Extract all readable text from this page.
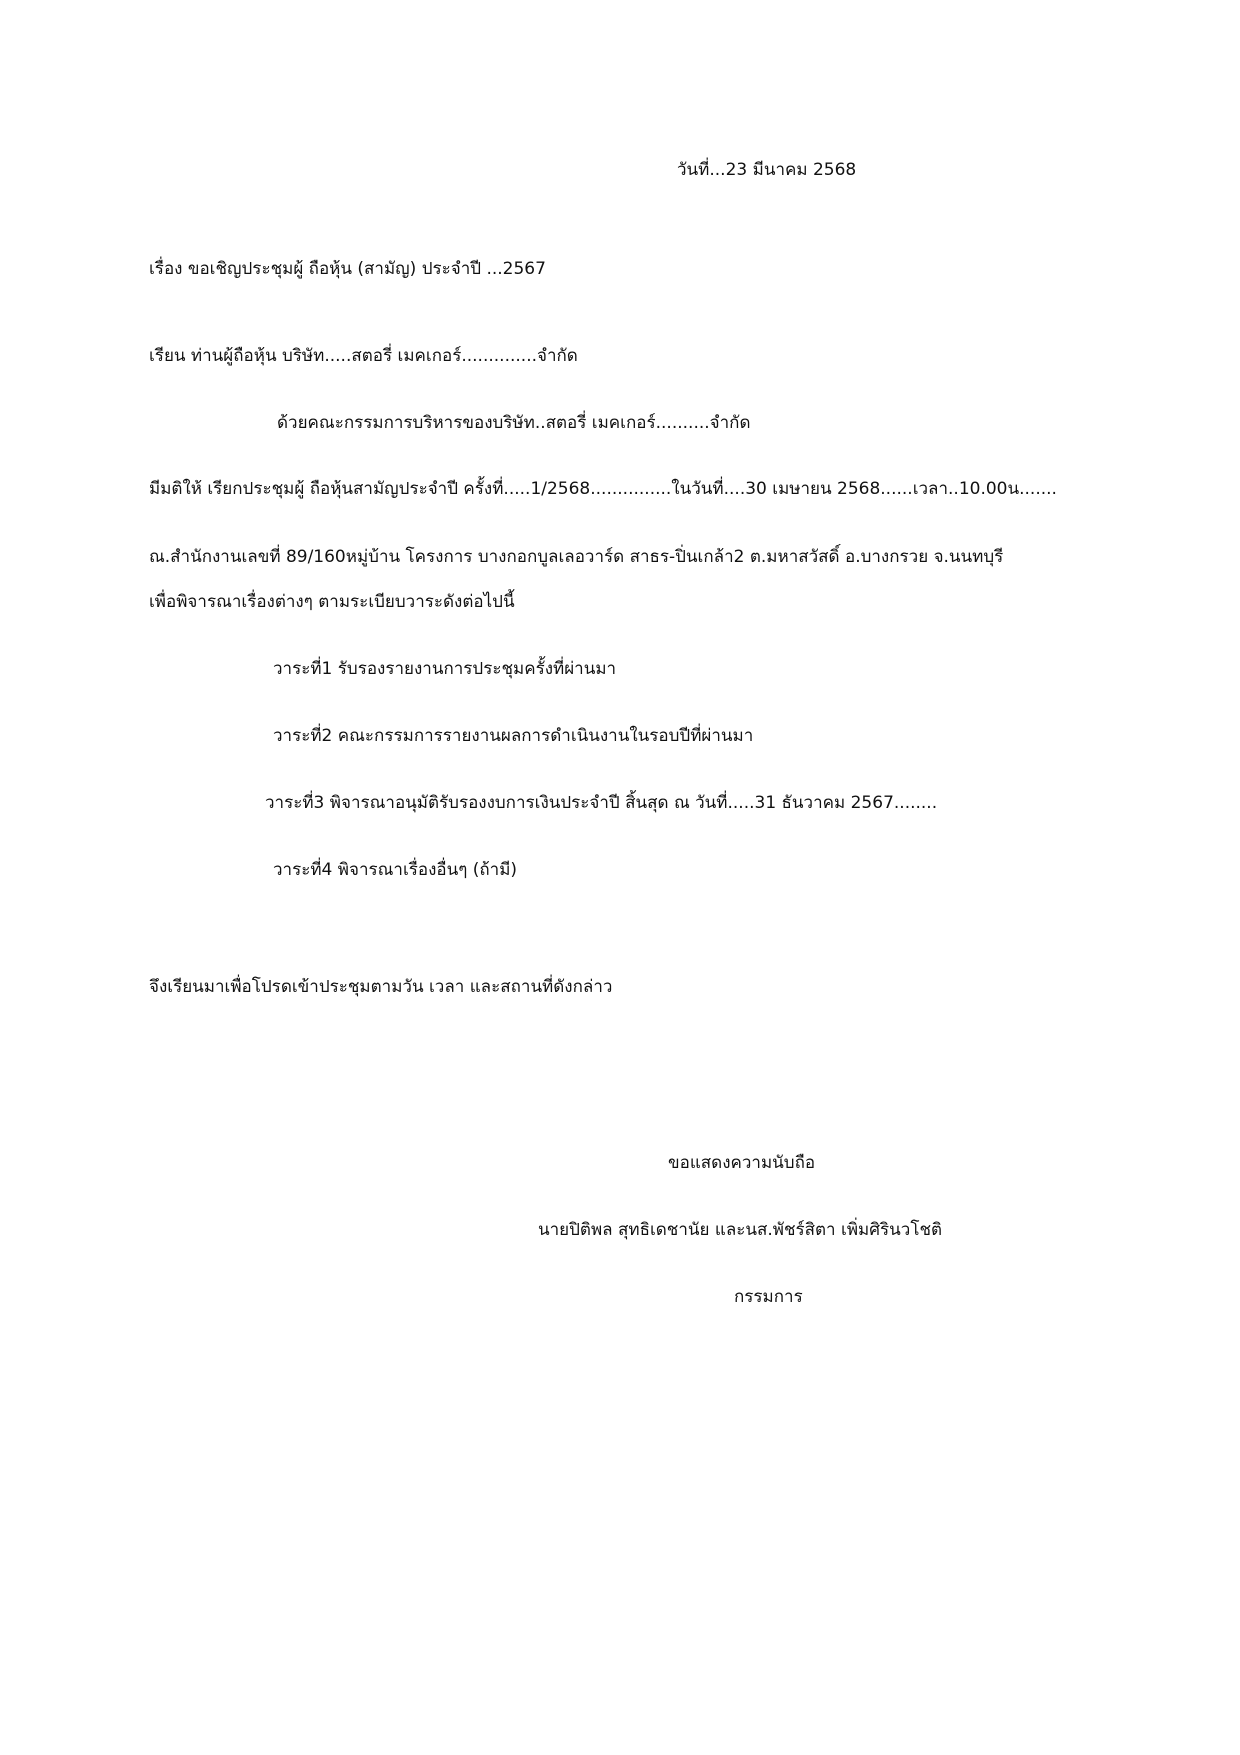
วันที่...23 มีนาคม 2568
เรื่อง ขอเชิญประชุมผู้ ถือหุ้น (สามัญ) ประจำปี ...2567
เรียน ท่านผู้ถือหุ้น บริษัท.....สตอรี่ เมคเกอร์..............จำกัด
ด้วยคณะกรรมการบริหารของบริษัท..สตอรี่ เมคเกอร์..........จำกัด
มีมติให้ เรียกประชุมผู้ ถือหุ้นสามัญประจำปี ครั้งที่.....1/2568...............ในวันที่....30 เมษายน 2568......เวลา..10.00น.......
ณ.สำนักงานเลขที่ 89/160หมู่บ้าน โครงการ บางกอกบูลเลอวาร์ด สาธร-ปิ่นเกล้า2 ต.มหาสวัสดิ์ อ.บางกรวย จ.นนทบุรี
เพื่อพิจารณาเรื่องต่างๆ ตามระเบียบวาระดังต่อไปนี้
วาระที่1 รับรองรายงานการประชุมครั้งที่ผ่านมา
วาระที่2 คณะกรรมการรายงานผลการดำเนินงานในรอบปีที่ผ่านมา
วาระที่3 พิจารณาอนุมัติรับรองงบการเงินประจำปี สิ้นสุด ณ วันที่.....31 ธันวาคม 2567........
วาระที่4 พิจารณาเรื่องอื่นๆ (ถ้ามี)
จึงเรียนมาเพื่อโปรดเข้าประชุมตามวัน เวลา และสถานที่ดังกล่าว
ขอแสดงความนับถือ
นายปิติพล สุทธิเดชานัย และนส.พัชร์สิตา เพิ่มศิรินวโชติ
กรรมการ
